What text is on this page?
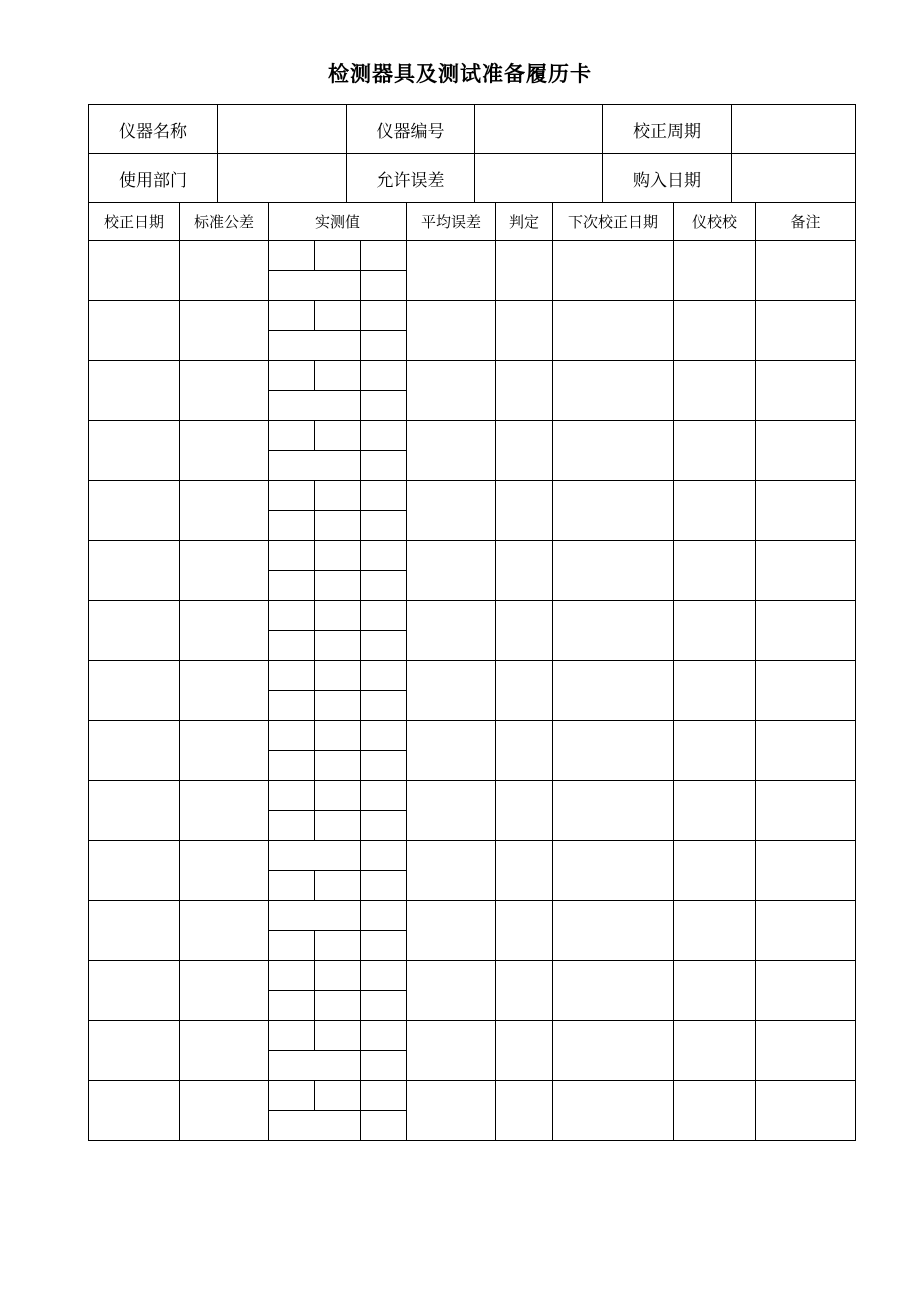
检测器具及测试准备履历卡
仪器名称		仪器编号		校正周期	
使用部门		允许误差		购入日期	
校正日期	标准公差	实测值			平均误差	判定	下次校正日期	仪校校	备注
